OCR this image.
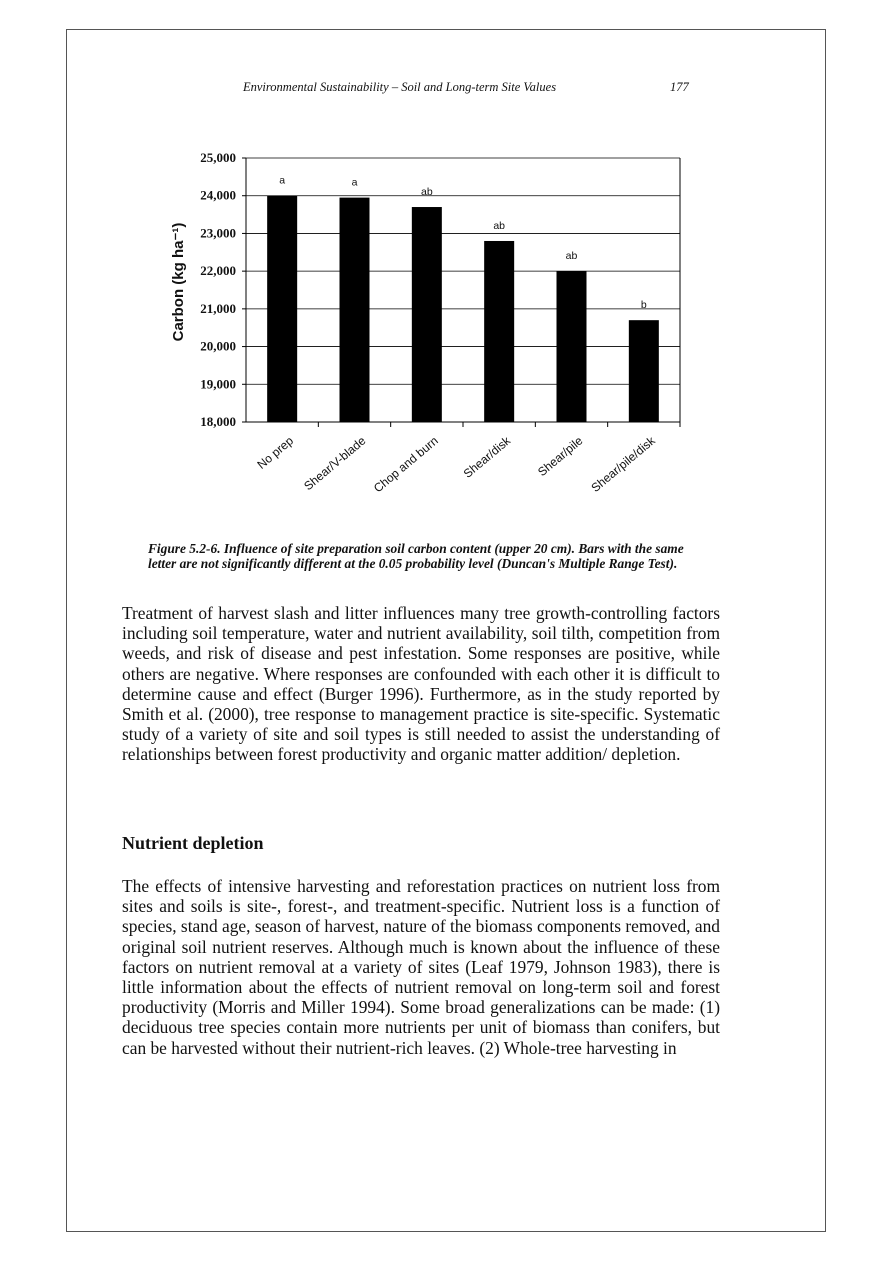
Environmental Sustainability – Soil and Long-term Site Values	177
18,000
19,000
20,000
21,000
22,000
23,000
24,000
25,000
a
No prep
a
Shear/V-blade
ab
Chop and burn
ab
Shear/disk
ab
Shear/pile
b
Shear/pile/disk
Carbon (kg ha⁻¹)
Figure 5.2-6. Influence of site preparation soil carbon content (upper 20 cm). Bars with the same letter are not significantly different at the 0.05 probability level (Duncan's Multiple Range Test).
Treatment of harvest slash and litter influences many tree growth-controlling factors including soil temperature, water and nutrient availability, soil tilth, competition from weeds, and risk of disease and pest infestation. Some responses are positive, while others are negative. Where responses are confounded with each other it is difficult to determine cause and effect (Burger 1996). Furthermore, as in the study reported by Smith et al. (2000), tree response to management practice is site-specific. Systematic study of a variety of site and soil types is still needed to assist the understanding of relationships between forest productivity and organic matter addition/ depletion.
Nutrient depletion
The effects of intensive harvesting and reforestation practices on nutrient loss from sites and soils is site-, forest-, and treatment-specific. Nutrient loss is a function of species, stand age, season of harvest, nature of the biomass components removed, and original soil nutrient reserves. Although much is known about the influence of these factors on nutrient removal at a variety of sites (Leaf 1979, Johnson 1983), there is little information about the effects of nutrient removal on long-term soil and forest productivity (Morris and Miller 1994). Some broad generalizations can be made: (1) deciduous tree species contain more nutrients per unit of biomass than conifers, but can be harvested without their nutrient-rich leaves. (2) Whole-tree harvesting in
